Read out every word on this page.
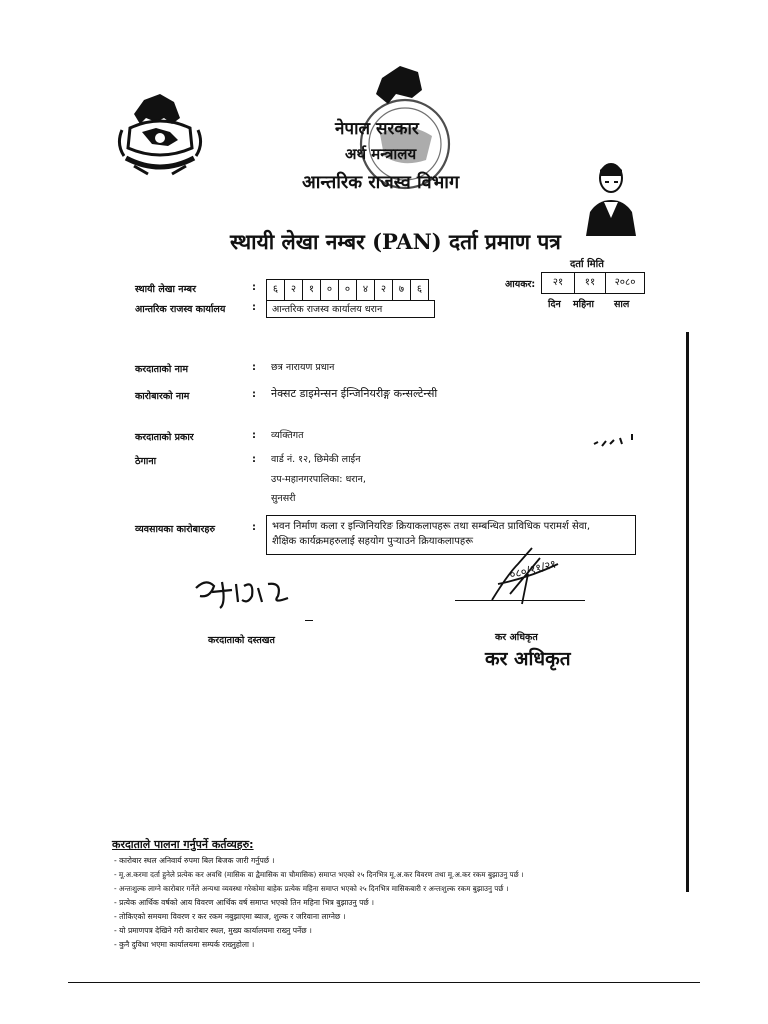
नेपाल सरकार
अर्थ मन्त्रालय
आन्तरिक राजस्व विभाग
स्थायी लेखा नम्बर (PAN) दर्ता प्रमाण पत्र
दर्ता मिति
आयकर:	२१	११	२०८०
दिन महिना साल
स्थायी लेखा नम्बर	:	६	२	१	०	०	४	२	७	६
आन्तरिक राजस्व कार्यालय	:	आन्तरिक राजस्व कार्यालय धरान
करदाताको नाम	: छत्र नारायण प्रधान
कारोबारको नाम	: नेक्सट डाइमेन्सन ईन्जिनियरीङ्ग कन्सल्टेन्सी
करदाताको प्रकार	: व्यक्तिगत
ठेगाना	: वार्ड नं. १२, छिमेकी लाईन
उप-महानगरपालिका: धरान,
सुनसरी
व्यवसायका कारोबारहरु	: भवन निर्माण कला र इन्जिनियरिङ क्रियाकलापहरू तथा सम्बन्धित प्राविधिक परामर्श सेवा,
शैक्षिक कार्यक्रमहरुलाई सहयोग पुर्‍याउने क्रियाकलापहरू
करदाताको दस्तखत
०८०/११/२१
कर अधिकृत
कर अधिकृत
करदाताले पालना गर्नुपर्ने कर्तव्यहरु:
- कारोबार स्थल अनिवार्य रुपमा बिल बिजक जारी गर्नुपर्छ ।
- मू.अ.करमा दर्ता हुनेले प्रत्येक कर अवधि (मासिक वा द्वैमासिक वा चौमासिक) समाप्त भएको २५ दिनभित्र मू.अ.कर विवरण तथा मू.अ.कर रकम बुझाउनु पर्छ ।
- अन्तःशुल्क लाग्ने कारोबार गर्नेले अन्यथा व्यवस्था गरेकोमा बाहेक प्रत्येक महिना समाप्त भएको २५ दिनभित्र मासिकबारी र अन्तःशुल्क रकम बुझाउनु पर्छ ।
- प्रत्येक आर्थिक वर्षको आय विवरण आर्थिक वर्ष समाप्त भएको तिन महिना भित्र बुझाउनु पर्छ ।
- तोकिएको समयमा विवरण र कर रकम नबुझाएमा ब्याज, शुल्क र जरिवाना लाग्नेछ ।
- यो प्रमाणपत्र देखिने गरी कारोबार स्थल, मुख्य कार्यालयमा राख्नु पर्नेछ ।
- कुनै दुविधा भएमा कार्यालयमा सम्पर्क राख्नुहोला ।
